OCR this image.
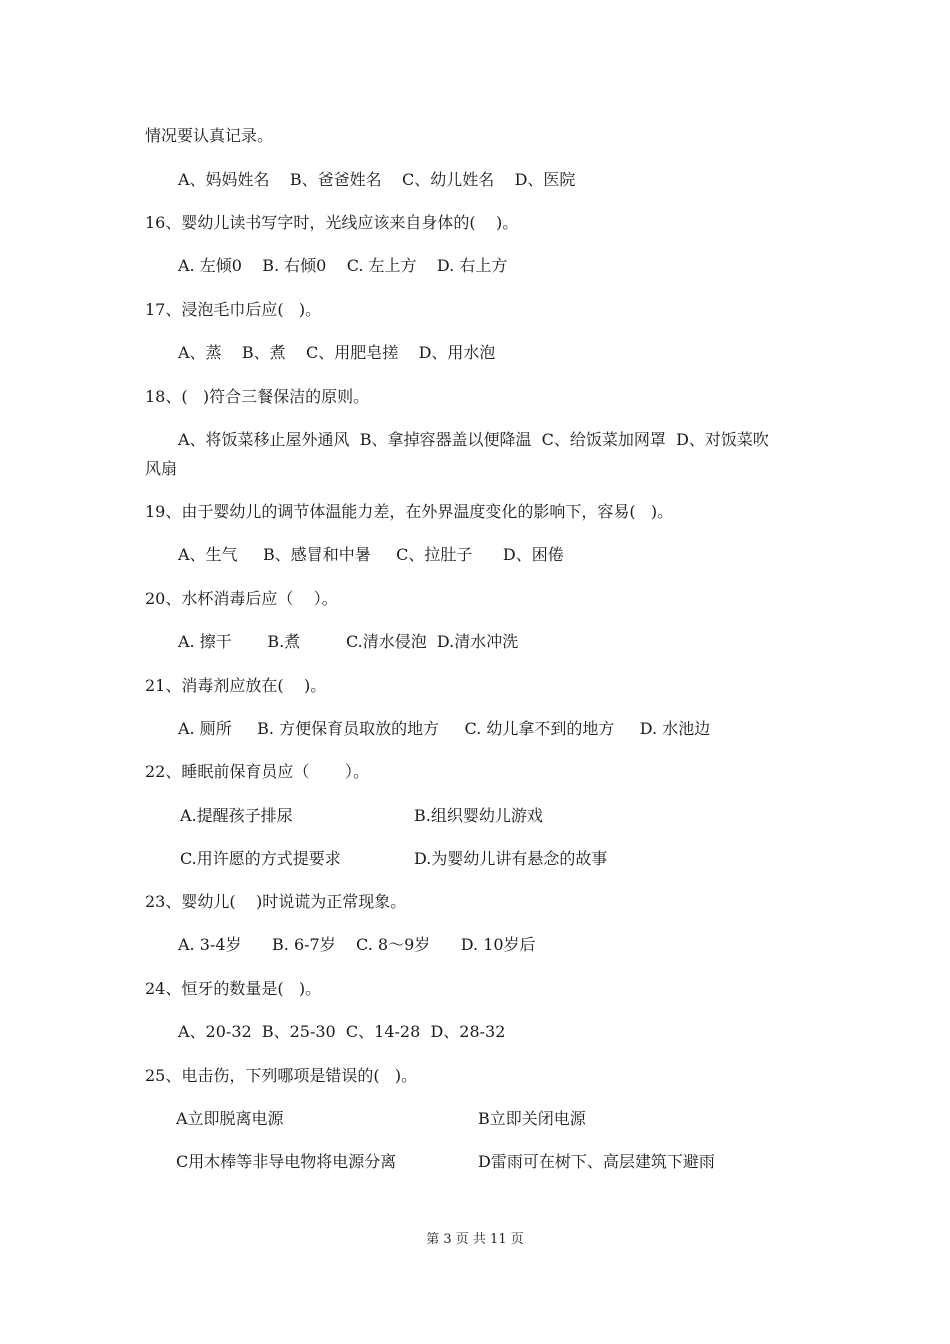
情况要认真记录。
A、妈妈姓名    B、爸爸姓名    C、幼儿姓名    D、医院
16、婴幼儿读书写字时，光线应该来自身体的(    )。
A. 左倾0    B. 右倾0    C. 左上方    D. 右上方
17、浸泡毛巾后应(   )。
A、蒸    B、煮    C、用肥皂搓    D、用水泡
18、(   )符合三餐保洁的原则。
A、将饭菜移止屋外通风  B、拿掉容器盖以便降温  C、给饭菜加网罩  D、对饭菜吹
风扇
19、由于婴幼儿的调节体温能力差，在外界温度变化的影响下，容易(   )。
A、生气     B、感冒和中暑     C、拉肚子      D、困倦
20、水杯消毒后应（    ）。
A. 擦干       B.煮         C.清水侵泡  D.清水冲洗
21、消毒剂应放在(    )。
A. 厕所     B. 方便保育员取放的地方     C. 幼儿拿不到的地方     D. 水池边
22、睡眠前保育员应（       ）。
A.提醒孩子排尿	B.组织婴幼儿游戏
C.用许愿的方式提要求	D.为婴幼儿讲有悬念的故事
23、婴幼儿(    )时说谎为正常现象。
A. 3-4岁      B. 6-7岁    C. 8～9岁      D. 10岁后
24、恒牙的数量是(   )。
A、20-32  B、25-30  C、14-28  D、28-32
25、电击伤，下列哪项是错误的(   )。
A立即脱离电源	B立即关闭电源
C用木棒等非导电物将电源分离	D雷雨可在树下、高层建筑下避雨
第 3 页 共 11 页
